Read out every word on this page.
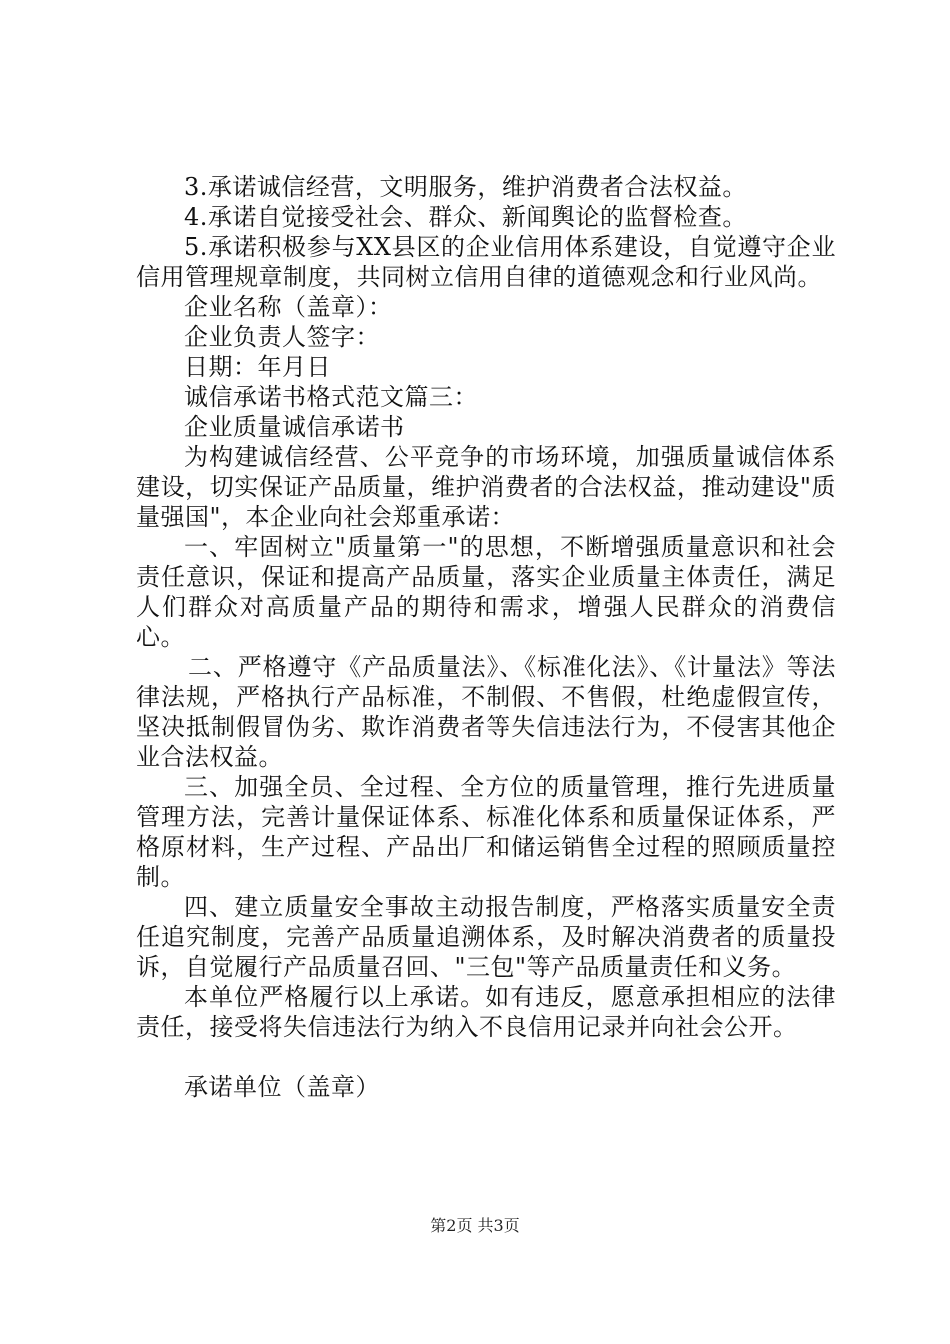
3.承诺诚信经营，文明服务，维护消费者合法权益。

4.承诺自觉接受社会、群众、新闻舆论的监督检查。

5.承诺积极参与XX县区的企业信用体系建设，自觉遵守企业信用管理规章制度，共同树立信用自律的道德观念和行业风尚。

企业名称（盖章）：

企业负责人签字：

日期：年月日

诚信承诺书格式范文篇三：

企业质量诚信承诺书

为构建诚信经营、公平竞争的市场环境，加强质量诚信体系建设，切实保证产品质量，维护消费者的合法权益，推动建设"质量强国"，本企业向社会郑重承诺：

一、牢固树立"质量第一"的思想，不断增强质量意识和社会责任意识，保证和提高产品质量，落实企业质量主体责任，满足人们群众对高质量产品的期待和需求，增强人民群众的消费信心。

二、严格遵守《产品质量法》、《标准化法》、《计量法》等法律法规，严格执行产品标准，不制假、不售假，杜绝虚假宣传，坚决抵制假冒伪劣、欺诈消费者等失信违法行为，不侵害其他企业合法权益。

三、加强全员、全过程、全方位的质量管理，推行先进质量管理方法，完善计量保证体系、标准化体系和质量保证体系，严格原材料，生产过程、产品出厂和储运销售全过程的照顾质量控制。

四、建立质量安全事故主动报告制度，严格落实质量安全责任追究制度，完善产品质量追溯体系，及时解决消费者的质量投诉，自觉履行产品质量召回、"三包"等产品质量责任和义务。

本单位严格履行以上承诺。如有违反，愿意承担相应的法律责任，接受将失信违法行为纳入不良信用记录并向社会公开。

承诺单位（盖章）

第2页 共3页
